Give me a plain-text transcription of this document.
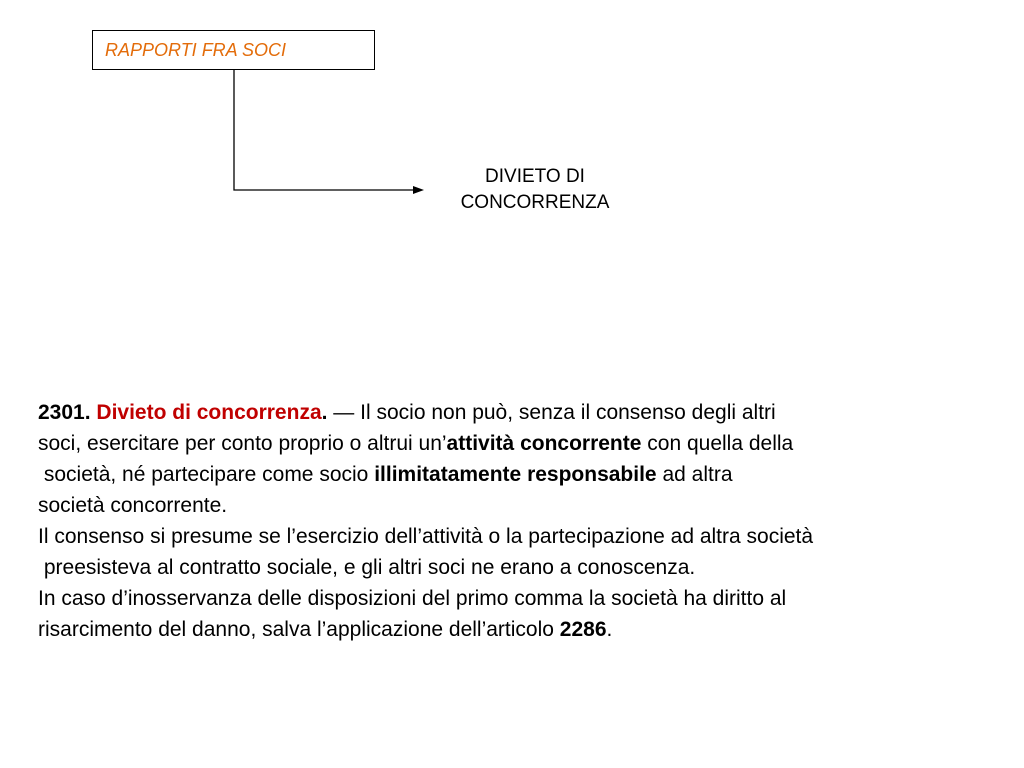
RAPPORTI FRA SOCI
DIVIETO DI
CONCORRENZA

2301. Divieto di concorrenza. — Il socio non può, senza il consenso degli altri
soci, esercitare per conto proprio o altrui un’attività concorrente con quella della
società, né partecipare come socio illimitatamente responsabile ad altra
società concorrente.

Il consenso si presume se l’esercizio dell’attività o la partecipazione ad altra società
preesisteva al contratto sociale, e gli altri soci ne erano a conoscenza.

In caso d’inosservanza delle disposizioni del primo comma la società ha diritto al
risarcimento del danno, salva l’applicazione dell’articolo 2286.
